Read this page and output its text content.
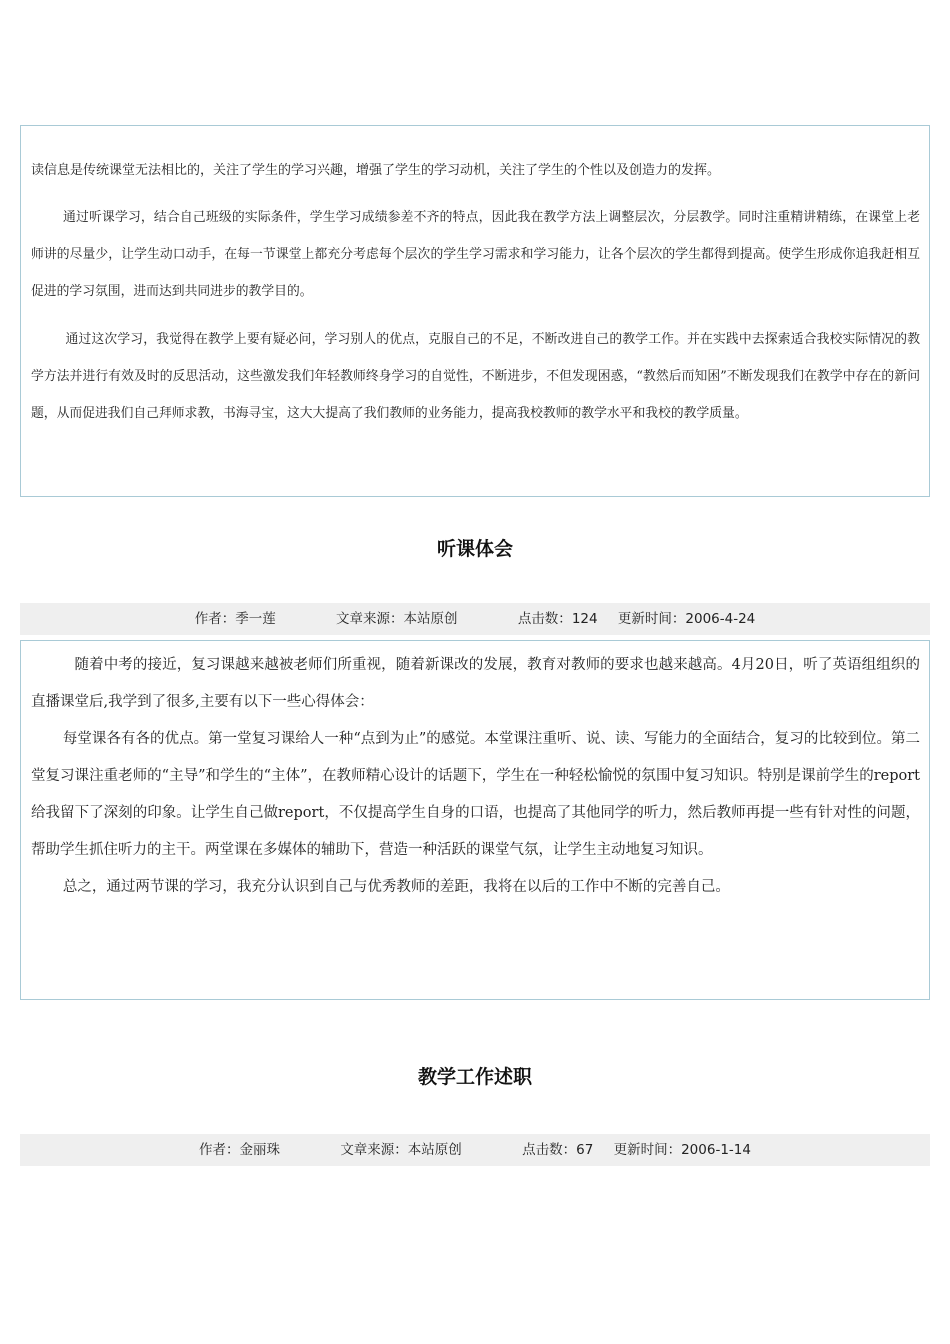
读信息是传统课堂无法相比的，关注了学生的学习兴趣，增强了学生的学习动机，关注了学生的个性以及创造力的发挥。

通过听课学习，结合自己班级的实际条件，学生学习成绩参差不齐的特点，因此我在教学方法上调整层次，分层教学。同时注重精讲精练，在课堂上老师讲的尽量少，让学生动口动手，在每一节课堂上都充分考虑每个层次的学生学习需求和学习能力，让各个层次的学生都得到提高。使学生形成你追我赶相互促进的学习氛围，进而达到共同进步的教学目的。

通过这次学习，我觉得在教学上要有疑必问，学习别人的优点，克服自己的不足，不断改进自己的教学工作。并在实践中去探索适合我校实际情况的教学方法并进行有效及时的反思活动，这些激发我们年轻教师终身学习的自觉性，不断进步，不但发现困惑，“教然后而知困”不断发现我们在教学中存在的新问题，从而促进我们自己拜师求教，书海寻宝，这大大提高了我们教师的业务能力，提高我校教师的教学水平和我校的教学质量。

听课体会
作者：季一莲	文章来源：本站原创	点击数：124 更新时间：2006-4-24

随着中考的接近，复习课越来越被老师们所重视，随着新课改的发展，教育对教师的要求也越来越高。4月20日，听了英语组组织的直播课堂后,我学到了很多,主要有以下一些心得体会：

每堂课各有各的优点。第一堂复习课给人一种“点到为止”的感觉。本堂课注重听、说、读、写能力的全面结合，复习的比较到位。第二堂复习课注重老师的“主导”和学生的“主体”，在教师精心设计的话题下，学生在一种轻松愉悦的氛围中复习知识。特别是课前学生的report给我留下了深刻的印象。让学生自己做report，不仅提高学生自身的口语，也提高了其他同学的听力，然后教师再提一些有针对性的问题，帮助学生抓住听力的主干。两堂课在多媒体的辅助下，营造一种活跃的课堂气氛，让学生主动地复习知识。

总之，通过两节课的学习，我充分认识到自己与优秀教师的差距，我将在以后的工作中不断的完善自己。

教学工作述职
作者：金丽珠	文章来源：本站原创	点击数：67 更新时间：2006-1-14
